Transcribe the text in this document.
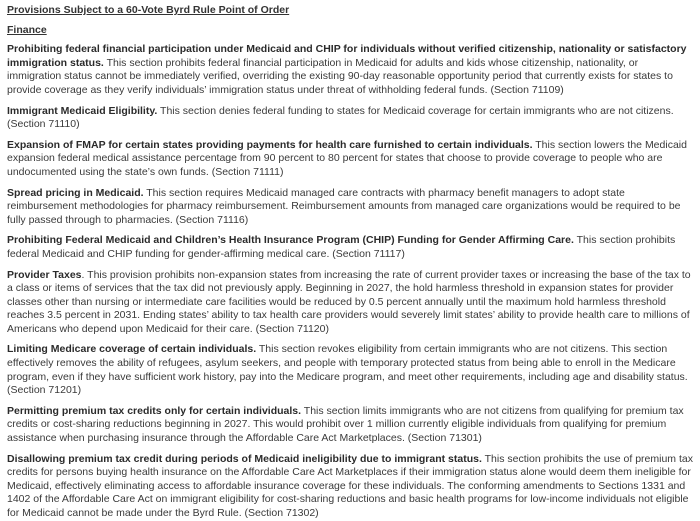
Provisions Subject to a 60-Vote Byrd Rule Point of Order
Finance

Prohibiting federal financial participation under Medicaid and CHIP for individuals without verified citizenship, nationality or satisfactory immigration status. This section prohibits federal financial participation in Medicaid for adults and kids whose citizenship, nationality, or immigration status cannot be immediately verified, overriding the existing 90-day reasonable opportunity period that currently exists for states to provide coverage as they verify individuals’ immigration status under threat of withholding federal funds. (Section 71109)

Immigrant Medicaid Eligibility. This section denies federal funding to states for Medicaid coverage for certain immigrants who are not citizens. (Section 71110)

Expansion of FMAP for certain states providing payments for health care furnished to certain individuals. This section lowers the Medicaid expansion federal medical assistance percentage from 90 percent to 80 percent for states that choose to provide coverage to people who are undocumented using the state’s own funds. (Section 71111)

Spread pricing in Medicaid. This section requires Medicaid managed care contracts with pharmacy benefit managers to adopt state reimbursement methodologies for pharmacy reimbursement. Reimbursement amounts from managed care organizations would be required to be fully passed through to pharmacies. (Section 71116)

Prohibiting Federal Medicaid and Children’s Health Insurance Program (CHIP) Funding for Gender Affirming Care. This section prohibits federal Medicaid and CHIP funding for gender-affirming medical care. (Section 71117)

Provider Taxes. This provision prohibits non-expansion states from increasing the rate of current provider taxes or increasing the base of the tax to a class or items of services that the tax did not previously apply. Beginning in 2027, the hold harmless threshold in expansion states for provider classes other than nursing or intermediate care facilities would be reduced by 0.5 percent annually until the maximum hold harmless threshold reaches 3.5 percent in 2031. Ending states’ ability to tax health care providers would severely limit states’ ability to provide health care to millions of Americans who depend upon Medicaid for their care. (Section 71120)

Limiting Medicare coverage of certain individuals. This section revokes eligibility from certain immigrants who are not citizens. This section effectively removes the ability of refugees, asylum seekers, and people with temporary protected status from being able to enroll in the Medicare program, even if they have sufficient work history, pay into the Medicare program, and meet other requirements, including age and disability status. (Section 71201)

Permitting premium tax credits only for certain individuals. This section limits immigrants who are not citizens from qualifying for premium tax credits or cost-sharing reductions beginning in 2027. This would prohibit over 1 million currently eligible individuals from qualifying for premium assistance when purchasing insurance through the Affordable Care Act Marketplaces. (Section 71301)

Disallowing premium tax credit during periods of Medicaid ineligibility due to immigrant status. This section prohibits the use of premium tax credits for persons buying health insurance on the Affordable Care Act Marketplaces if their immigration status alone would deem them ineligible for Medicaid, effectively eliminating access to affordable insurance coverage for these individuals. The conforming amendments to Sections 1331 and 1402 of the Affordable Care Act on immigrant eligibility for cost-sharing reductions and basic health programs for low-income individuals not eligible for Medicaid cannot be made under the Byrd Rule. (Section 71302)
